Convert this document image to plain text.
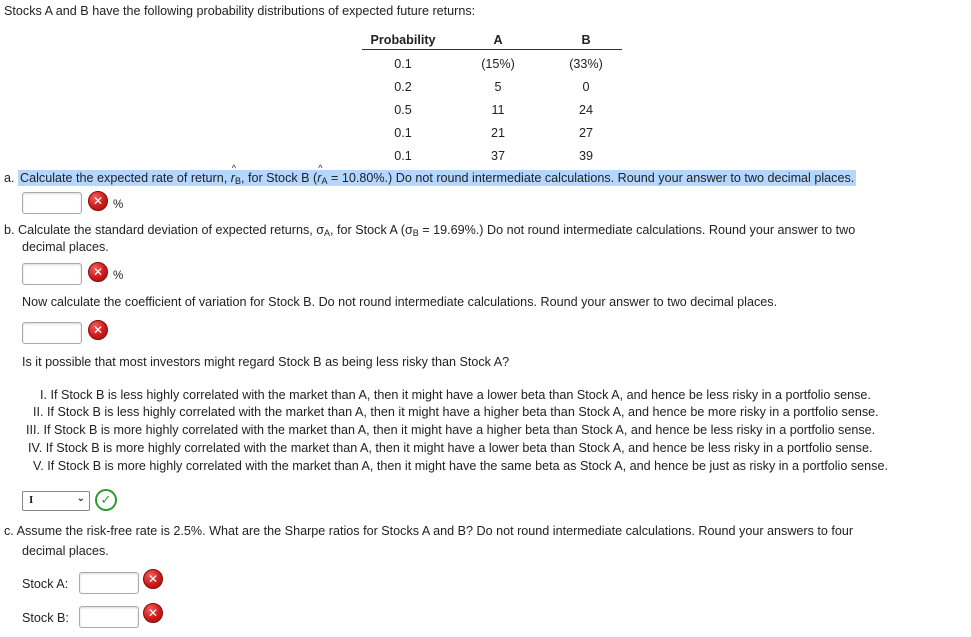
Stocks A and B have the following probability distributions of expected future returns:
Probability	A	B
0.1	(15%)	(33%)
0.2	5	0
0.5	11	24
0.1	21	27
0.1	37	39
a. Calculate the expected rate of return, r $\^{}_B$, for Stock B (r $\^{}_A = 10.80\%$.) Do not round intermediate calculations. Round your answer to two decimal places.
✕ %
b. Calculate the standard deviation of expected returns, $\sigma_A$, for Stock A $(\sigma_B = 19.69\%.)$ Do not round intermediate calculations. Round your answer to two
decimal places.
✕ %
Now calculate the coefficient of variation for Stock B. Do not round intermediate calculations. Round your answer to two decimal places.
✕
Is it possible that most investors might regard Stock B as being less risky than Stock A?
I. If Stock B is less highly correlated with the market than A, then it might have a lower beta than Stock A, and hence be less risky in a portfolio sense.
II. If Stock B is less highly correlated with the market than A, then it might have a higher beta than Stock A, and hence be more risky in a portfolio sense.
III. If Stock B is more highly correlated with the market than A, then it might have a higher beta than Stock A, and hence be less risky in a portfolio sense.
IV. If Stock B is more highly correlated with the market than A, then it might have a lower beta than Stock A, and hence be less risky in a portfolio sense.
V. If Stock B is more highly correlated with the market than A, then it might have the same beta as Stock A, and hence be just as risky in a portfolio sense.
I	⌄	✓
c. Assume the risk-free rate is 2.5%. What are the Sharpe ratios for Stocks A and B? Do not round intermediate calculations. Round your answers to four
decimal places.
Stock A:	✕
Stock B:	✕
